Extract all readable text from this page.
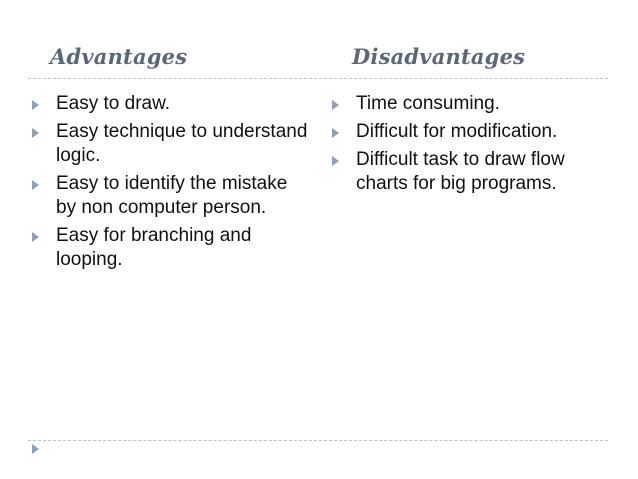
Advantages	Disadvantages
Easy to draw.
Easy technique to understand logic.
Easy to identify the mistake by non computer person.
Easy for branching and looping.
Time consuming.
Difficult for modification.
Difficult task to draw flow charts for big programs.
